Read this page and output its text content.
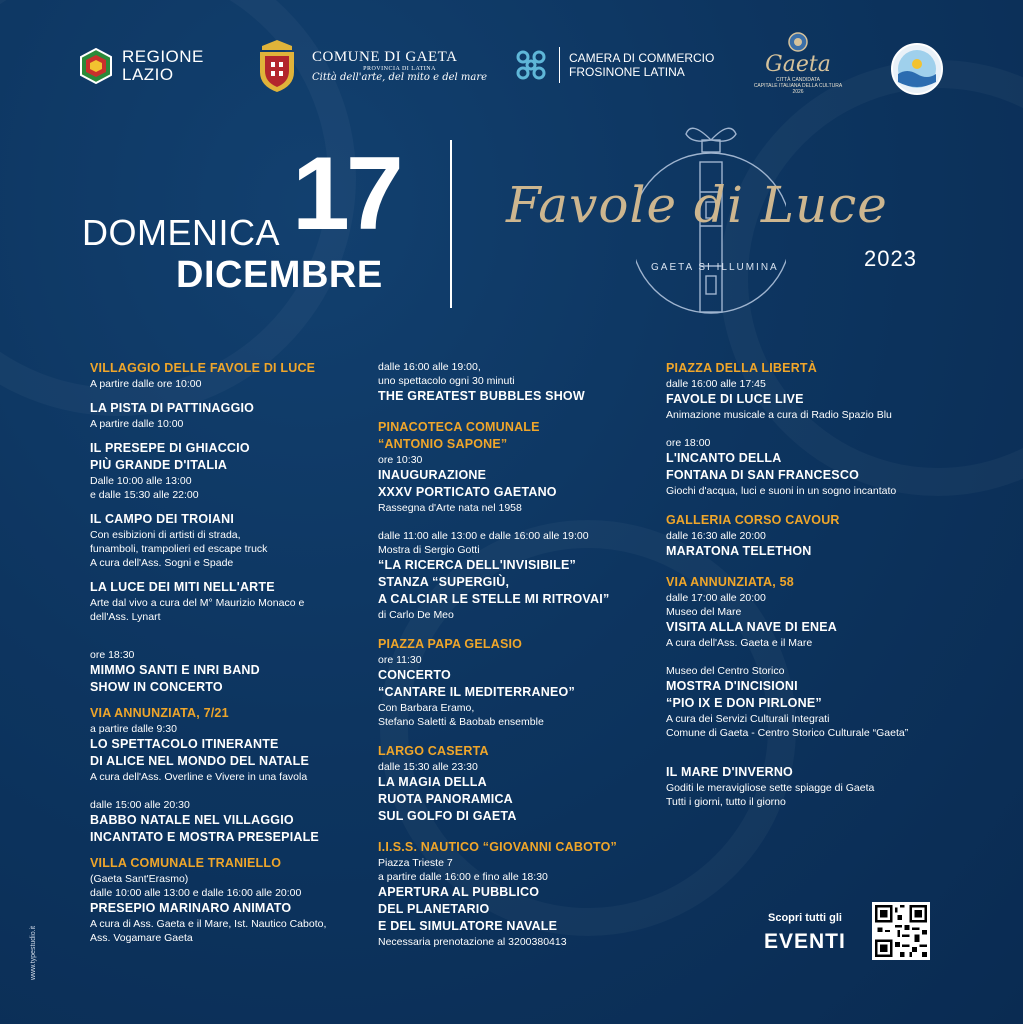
REGIONE
LAZIO
COMUNE DI GAETA
PROVINCIA DI LATINA
Città dell'arte, del mito e del mare
CAMERA DI COMMERCIO
FROSINONE LATINA	Gaeta
CITTÀ CANDIDATA
CAPITALE ITALIANA DELLA CULTURA 2026
DOMENICA 17
DICEMBRE
Favole di Luce
GAETA SI ILLUMINA	2023
VILLAGGIO DELLE FAVOLE DI LUCE
A partire dalle ore 10:00
LA PISTA DI PATTINAGGIO
A partire dalle 10:00
IL PRESEPE DI GHIACCIO
PIÙ GRANDE D'ITALIA
Dalle 10:00 alle 13:00
e dalle 15:30 alle 22:00
IL CAMPO DEI TROIANI
Con esibizioni di artisti di strada,
funamboli, trampolieri ed escape truck
A cura dell'Ass. Sogni e Spade
LA LUCE DEI MITI NELL'ARTE
Arte dal vivo a cura del M° Maurizio Monaco e
dell'Ass. Lynart
ore 18:30
MIMMO SANTI E INRI BAND
SHOW IN CONCERTO
VIA ANNUNZIATA, 7/21
a partire dalle 9:30
LO SPETTACOLO ITINERANTE
DI ALICE NEL MONDO DEL NATALE
A cura dell'Ass. Overline e Vivere in una favola
dalle 15:00 alle 20:30
BABBO NATALE NEL VILLAGGIO
INCANTATO E MOSTRA PRESEPIALE
VILLA COMUNALE TRANIELLO
(Gaeta Sant'Erasmo)
dalle 10:00 alle 13:00 e dalle 16:00 alle 20:00
PRESEPIO MARINARO ANIMATO
A cura di Ass. Gaeta e il Mare, Ist. Nautico Caboto,
Ass. Vogamare Gaeta
dalle 16:00 alle 19:00,
uno spettacolo ogni 30 minuti
THE GREATEST BUBBLES SHOW
PINACOTECA COMUNALE
“ANTONIO SAPONE”
ore 10:30
INAUGURAZIONE
XXXV PORTICATO GAETANO
Rassegna d'Arte nata nel 1958
dalle 11:00 alle 13:00 e dalle 16:00 alle 19:00
Mostra di Sergio Gotti
“LA RICERCA DELL'INVISIBILE”
STANZA “SUPERGIÙ,
A CALCIAR LE STELLE MI RITROVAI”
di Carlo De Meo
PIAZZA PAPA GELASIO
ore 11:30
CONCERTO
“CANTARE IL MEDITERRANEO”
Con Barbara Eramo,
Stefano Saletti & Baobab ensemble
LARGO CASERTA
dalle 15:30 alle 23:30
LA MAGIA DELLA
RUOTA PANORAMICA
SUL GOLFO DI GAETA
I.I.S.S. NAUTICO “GIOVANNI CABOTO”
Piazza Trieste 7
a partire dalle 16:00 e fino alle 18:30
APERTURA AL PUBBLICO
DEL PLANETARIO
E DEL SIMULATORE NAVALE
Necessaria prenotazione al 3200380413
PIAZZA DELLA LIBERTÀ
dalle 16:00 alle 17:45
FAVOLE DI LUCE LIVE
Animazione musicale a cura di Radio Spazio Blu
ore 18:00
L'INCANTO DELLA
FONTANA DI SAN FRANCESCO
Giochi d'acqua, luci e suoni in un sogno incantato
GALLERIA CORSO CAVOUR
dalle 16:30 alle 20:00
MARATONA TELETHON
VIA ANNUNZIATA, 58
dalle 17:00 alle 20:00
Museo del Mare
VISITA ALLA NAVE DI ENEA
A cura dell'Ass. Gaeta e il Mare
Museo del Centro Storico
MOSTRA D'INCISIONI
“PIO IX E DON PIRLONE”
A cura dei Servizi Culturali Integrati
Comune di Gaeta - Centro Storico Culturale “Gaeta”
IL MARE D'INVERNO
Goditi le meravigliose sette spiagge di Gaeta
Tutti i giorni, tutto il giorno
Scopri tutti gli
EVENTI
www.typestudio.it
